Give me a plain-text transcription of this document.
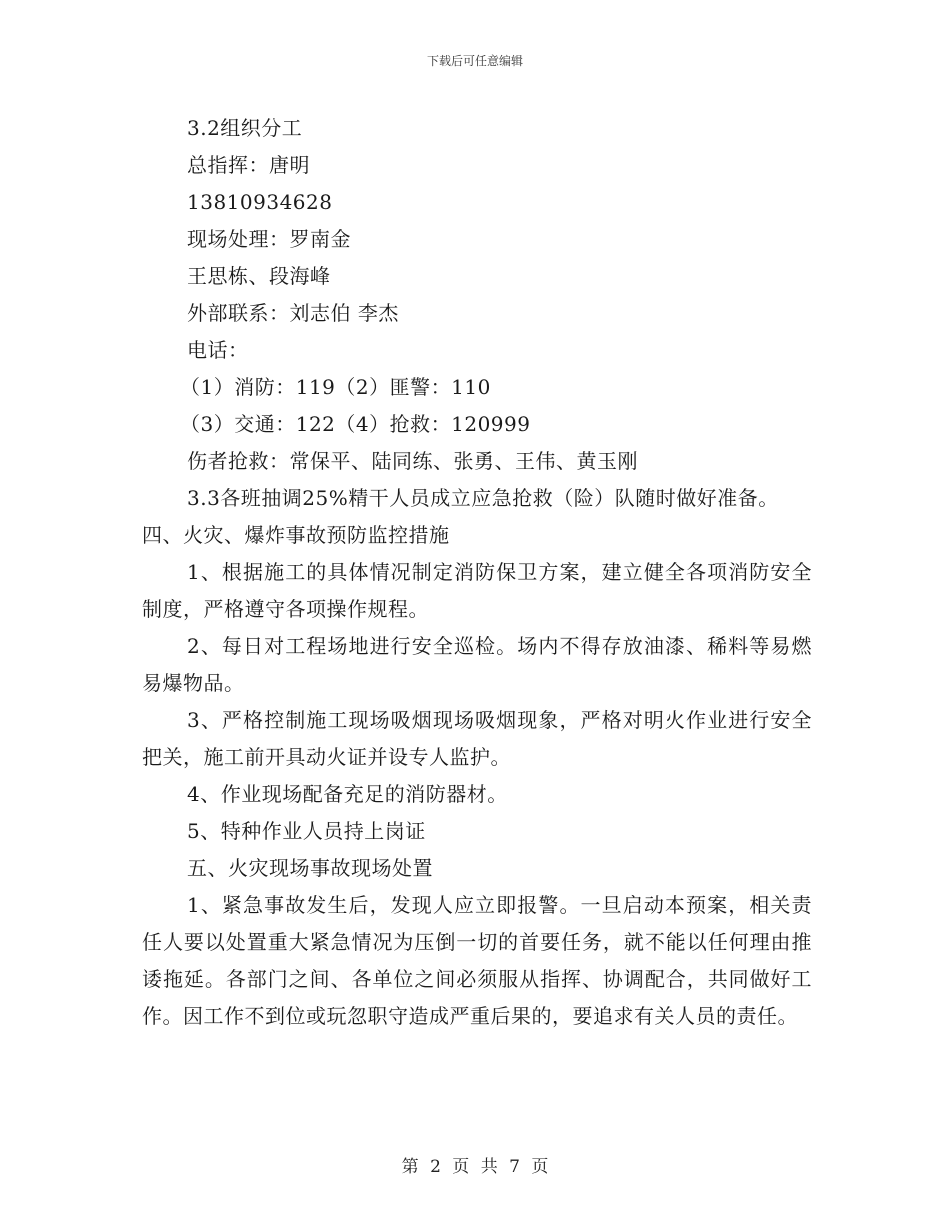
下载后可任意编辑
3.2组织分工
总指挥：唐明
13810934628
现场处理：罗南金
王思栋、段海峰
外部联系：刘志伯 李杰
电话：
（1）消防：119（2）匪警：110
（3）交通：122（4）抢救：120999
伤者抢救：常保平、陆同练、张勇、王伟、黄玉刚
3.3各班抽调25%精干人员成立应急抢救（险）队随时做好准备。
四、火灾、爆炸事故预防监控措施
1、根据施工的具体情况制定消防保卫方案，建立健全各项消防安全制度，严格遵守各项操作规程。
2、每日对工程场地进行安全巡检。场内不得存放油漆、稀料等易燃易爆物品。
3、严格控制施工现场吸烟现场吸烟现象，严格对明火作业进行安全把关，施工前开具动火证并设专人监护。
4、作业现场配备充足的消防器材。
5、特种作业人员持上岗证
五、火灾现场事故现场处置
1、紧急事故发生后，发现人应立即报警。一旦启动本预案，相关责任人要以处置重大紧急情况为压倒一切的首要任务，就不能以任何理由推诿拖延。各部门之间、各单位之间必须服从指挥、协调配合，共同做好工作。因工作不到位或玩忽职守造成严重后果的，要追求有关人员的责任。
第 2 页 共 7 页
